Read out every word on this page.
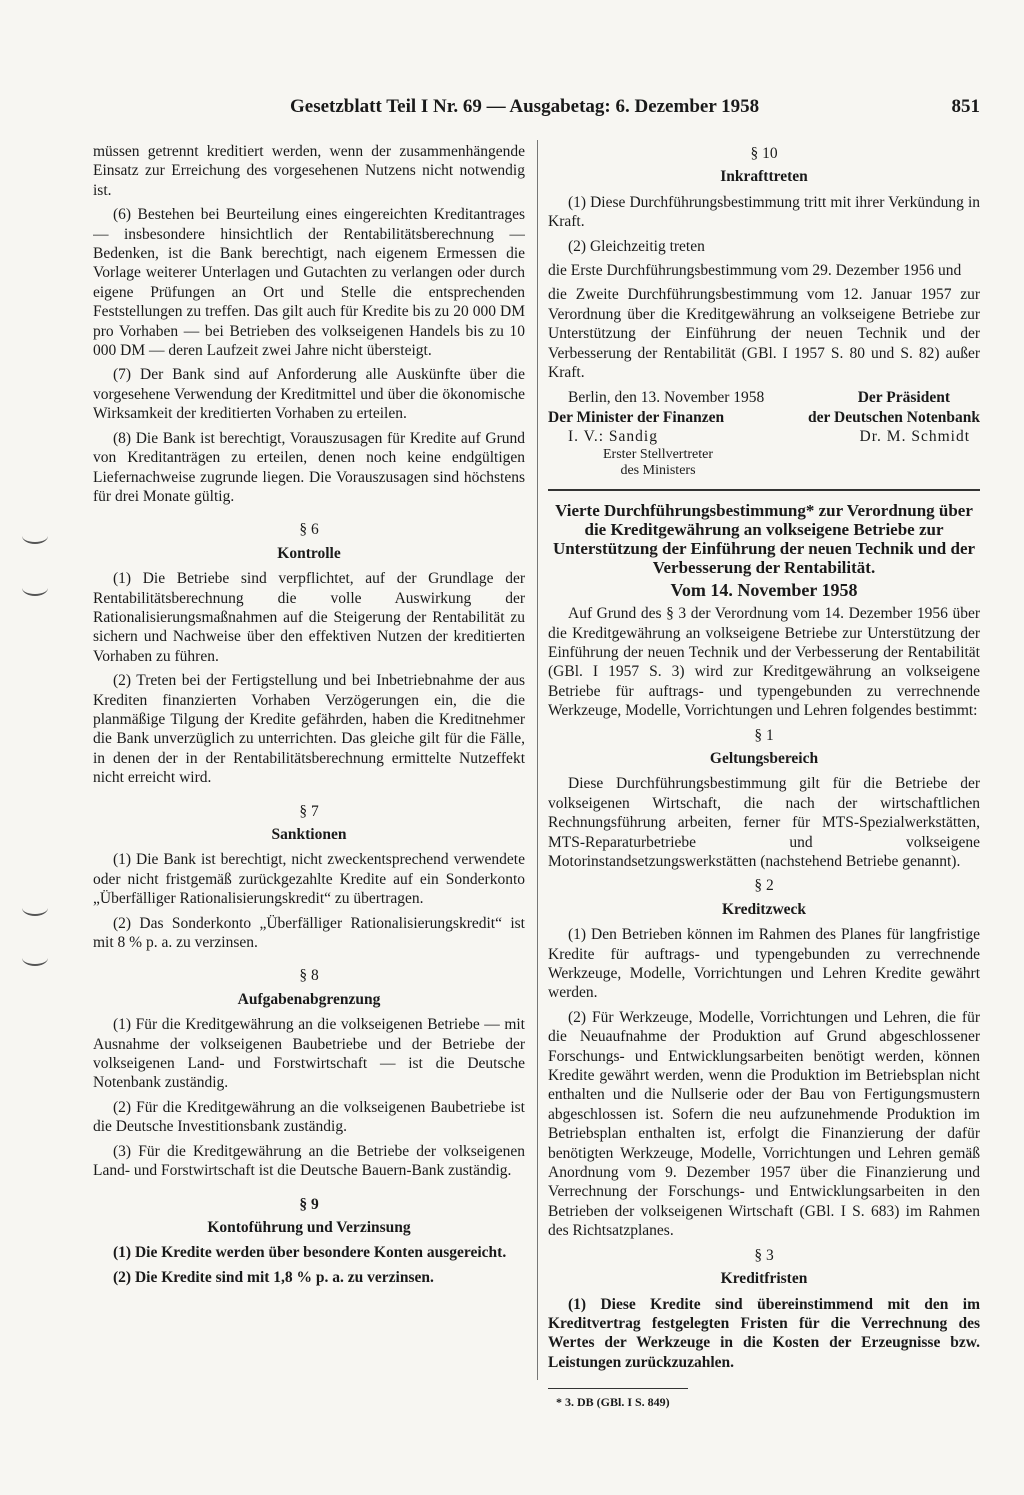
Gesetzblatt Teil I Nr. 69 — Ausgabetag: 6. Dezember 1958	851

müssen getrennt kreditiert werden, wenn der zusammenhängende Einsatz zur Erreichung des vorgesehenen Nutzens nicht notwendig ist.

(6) Bestehen bei Beurteilung eines eingereichten Kreditantrages — insbesondere hinsichtlich der Rentabilitätsberechnung — Bedenken, ist die Bank berechtigt, nach eigenem Ermessen die Vorlage weiterer Unterlagen und Gutachten zu verlangen oder durch eigene Prüfungen an Ort und Stelle die entsprechenden Feststellungen zu treffen. Das gilt auch für Kredite bis zu 20 000 DM pro Vorhaben — bei Betrieben des volkseigenen Handels bis zu 10 000 DM — deren Laufzeit zwei Jahre nicht übersteigt.

(7) Der Bank sind auf Anforderung alle Auskünfte über die vorgesehene Verwendung der Kreditmittel und über die ökonomische Wirksamkeit der kreditierten Vorhaben zu erteilen.

(8) Die Bank ist berechtigt, Vorauszusagen für Kredite auf Grund von Kreditanträgen zu erteilen, denen noch keine endgültigen Liefernachweise zugrunde liegen. Die Vorauszusagen sind höchstens für drei Monate gültig.

§ 6
Kontrolle

(1) Die Betriebe sind verpflichtet, auf der Grundlage der Rentabilitätsberechnung die volle Auswirkung der Rationalisierungsmaßnahmen auf die Steigerung der Rentabilität zu sichern und Nachweise über den effektiven Nutzen der kreditierten Vorhaben zu führen.

(2) Treten bei der Fertigstellung und bei Inbetriebnahme der aus Krediten finanzierten Vorhaben Verzögerungen ein, die die planmäßige Tilgung der Kredite gefährden, haben die Kreditnehmer die Bank unverzüglich zu unterrichten. Das gleiche gilt für die Fälle, in denen der in der Rentabilitätsberechnung ermittelte Nutzeffekt nicht erreicht wird.

§ 7
Sanktionen

(1) Die Bank ist berechtigt, nicht zweckentsprechend verwendete oder nicht fristgemäß zurückgezahlte Kredite auf ein Sonderkonto „Überfälliger Rationalisierungskredit“ zu übertragen.

(2) Das Sonderkonto „Überfälliger Rationalisierungskredit“ ist mit 8 % p. a. zu verzinsen.

§ 8
Aufgabenabgrenzung

(1) Für die Kreditgewährung an die volkseigenen Betriebe — mit Ausnahme der volkseigenen Baubetriebe und der Betriebe der volkseigenen Land- und Forstwirtschaft — ist die Deutsche Notenbank zuständig.

(2) Für die Kreditgewährung an die volkseigenen Baubetriebe ist die Deutsche Investitionsbank zuständig.

(3) Für die Kreditgewährung an die Betriebe der volkseigenen Land- und Forstwirtschaft ist die Deutsche Bauern-Bank zuständig.

§ 9
Kontoführung und Verzinsung

(1) Die Kredite werden über besondere Konten ausgereicht.

(2) Die Kredite sind mit 1,8 % p. a. zu verzinsen.

§ 10
Inkrafttreten

(1) Diese Durchführungsbestimmung tritt mit ihrer Verkündung in Kraft.

(2) Gleichzeitig treten

die Erste Durchführungsbestimmung vom 29. Dezember 1956 und

die Zweite Durchführungsbestimmung vom 12. Januar 1957 zur Verordnung über die Kreditgewährung an volkseigene Betriebe zur Unterstützung der Einführung der neuen Technik und der Verbesserung der Rentabilität (GBl. I 1957 S. 80 und S. 82) außer Kraft.

Berlin, den 13. November 1958	Der Präsident
Der Minister der Finanzen	der Deutschen Notenbank
I. V.: Sandig	Dr. M. Schmidt
Erster Stellvertreter
des Ministers
Vierte Durchführungsbestimmung* zur Verordnung über die Kreditgewährung an volkseigene Betriebe zur Unterstützung der Einführung der neuen Technik und der Verbesserung der Rentabilität.
Vom 14. November 1958

Auf Grund des § 3 der Verordnung vom 14. Dezember 1956 über die Kreditgewährung an volkseigene Betriebe zur Unterstützung der Einführung der neuen Technik und der Verbesserung der Rentabilität (GBl. I 1957 S. 3) wird zur Kreditgewährung an volkseigene Betriebe für auftrags- und typengebunden zu verrechnende Werkzeuge, Modelle, Vorrichtungen und Lehren folgendes bestimmt:

§ 1
Geltungsbereich

Diese Durchführungsbestimmung gilt für die Betriebe der volkseigenen Wirtschaft, die nach der wirtschaftlichen Rechnungsführung arbeiten, ferner für MTS-Spezialwerkstätten, MTS-Reparaturbetriebe und volkseigene Motorinstandsetzungswerkstätten (nachstehend Betriebe genannt).

§ 2
Kreditzweck

(1) Den Betrieben können im Rahmen des Planes für langfristige Kredite für auftrags- und typengebunden zu verrechnende Werkzeuge, Modelle, Vorrichtungen und Lehren Kredite gewährt werden.

(2) Für Werkzeuge, Modelle, Vorrichtungen und Lehren, die für die Neuaufnahme der Produktion auf Grund abgeschlossener Forschungs- und Entwicklungsarbeiten benötigt werden, können Kredite gewährt werden, wenn die Produktion im Betriebsplan nicht enthalten und die Nullserie oder der Bau von Fertigungsmustern abgeschlossen ist. Sofern die neu aufzunehmende Produktion im Betriebsplan enthalten ist, erfolgt die Finanzierung der dafür benötigten Werkzeuge, Modelle, Vorrichtungen und Lehren gemäß Anordnung vom 9. Dezember 1957 über die Finanzierung und Verrechnung der Forschungs- und Entwicklungsarbeiten in den Betrieben der volkseigenen Wirtschaft (GBl. I S. 683) im Rahmen des Richtsatzplanes.

§ 3
Kreditfristen

(1) Diese Kredite sind übereinstimmend mit den im Kreditvertrag festgelegten Fristen für die Verrechnung des Wertes der Werkzeuge in die Kosten der Erzeugnisse bzw. Leistungen zurückzuzahlen.

* 3. DB (GBl. I S. 849)
